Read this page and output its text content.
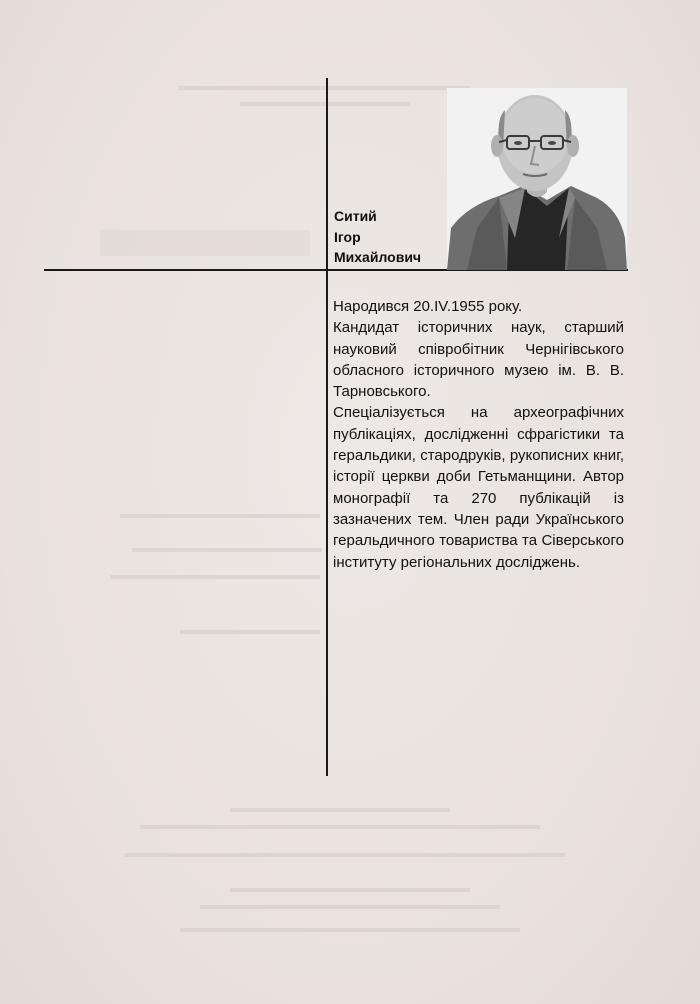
Ситий
Ігор
Михайлович

Народився 20.IV.1955 року.

Кандидат історичних наук, старший науковий співробітник Чернігівського обласного історичного музею ім. В. В. Тарновського.

Спеціалізується на археографічних публікаціях, дослідженні сфрагістики та геральдики, стародруків, рукописних книг, історії церкви доби Гетьманщини. Автор монографії та 270 публікацій із зазначених тем. Член ради Українського геральдичного товариства та Сіверського інституту регіональних досліджень.
